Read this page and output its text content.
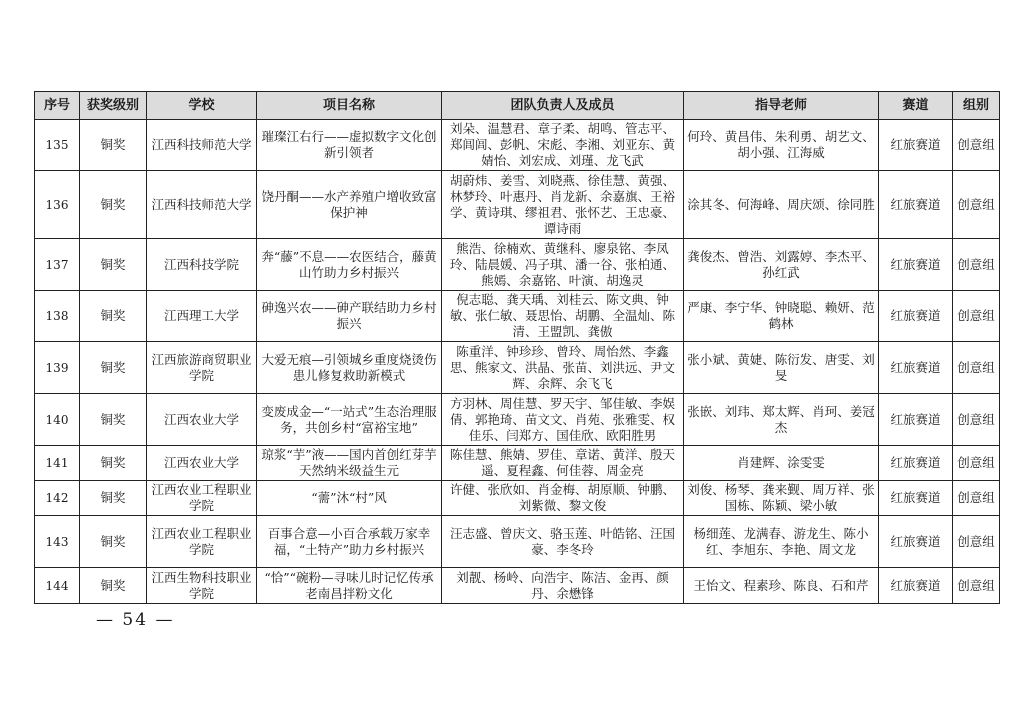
序号	获奖级别	学校	项目名称	团队负责人及成员	指导老师	赛道	组别
135	铜奖	江西科技师范大学	璀璨江右行——虚拟数字文化创新引领者	刘朵、温慧君、章子柔、胡鸣、管志平、郑闾闾、彭帆、宋彪、李湘、刘亚东、黄婧怡、刘宏成、刘瑾、龙飞武	何玲、黄昌伟、朱利勇、胡艺文、胡小强、江海威	红旅赛道	创意组
136	铜奖	江西科技师范大学	饶丹酮——水产养殖户增收致富保护神	胡蔚炜、姜雪、刘晓燕、徐佳慧、黄强、林梦玲、叶惠丹、肖龙新、余嘉旗、王裕学、黄诗琪、缪祖君、张怀艺、王忠豪、谭诗雨	涂其冬、何海峰、周庆颂、徐同胜	红旅赛道	创意组
137	铜奖	江西科技学院	奔“藤”不息——农医结合，藤黄山竹助力乡村振兴	熊浩、徐楠欢、黄继科、廖泉铭、李凤玲、陆晨媛、冯子琪、潘一谷、张柏通、熊嫣、余嘉铭、叶演、胡逸灵	龚俊杰、曾浩、刘露婷、李杰平、孙红武	红旅赛道	创意组
138	铜奖	江西理工大学	砷逸兴农——砷产联结助力乡村振兴	倪志聪、龚天瑀、刘桂云、陈文典、钟敏、张仁敏、聂思怡、胡鹏、全温灿、陈清、王盟凯、龚傲	严康、李宁华、钟晓聪、赖妍、范鹤林	红旅赛道	创意组
139	铜奖	江西旅游商贸职业学院	大爱无痕—引领城乡重度烧烫伤患儿修复救助新模式	陈重洋、钟珍珍、曾玲、周怡然、李鑫思、熊家文、洪晶、张苗、刘洪远、尹文辉、余辉、余飞飞	张小斌、黄婕、陈衍发、唐雯、刘旻	红旅赛道	创意组
140	铜奖	江西农业大学	变废成金—“一站式”生态治理服务，共创乡村“富裕宝地”	方羽林、周佳慧、罗天宇、邹佳敏、李娱倩、郭艳琦、苗文文、肖苑、张雅雯、权佳乐、闫郑方、国佳欣、欧阳胜男	张嵌、刘玮、郑太辉、肖珂、姜冠杰	红旅赛道	创意组
141	铜奖	江西农业大学	琼浆“芋”液——国内首创红芽芋天然纳米级益生元	陈佳慧、熊婧、罗佳、章诺、黄洋、殷天遥、夏程鑫、何佳蓉、周金亮	肖建辉、涂雯雯	红旅赛道	创意组
142	铜奖	江西农业工程职业学院	“薷”沐“村”风	许健、张欣如、肖金梅、胡原顺、钟鹏、刘紫微、黎文俊	刘俊、杨琴、龚来觐、周万祥、张国栋、陈颖、梁小敏	红旅赛道	创意组
143	铜奖	江西农业工程职业学院	百事合意—小百合承载万家幸福，“土特产”助力乡村振兴	汪志盛、曾庆文、骆玉莲、叶皓铭、汪国豪、李冬玲	杨细莲、龙满春、游龙生、陈小红、李旭东、李艳、周文龙	红旅赛道	创意组
144	铜奖	江西生物科技职业学院	“恰”“碗粉—寻味儿时记忆传承老南昌拌粉文化	刘靓、杨岭、向浩宇、陈洁、金再、颜丹、余懋锋	王怡文、程素珍、陈良、石和芹	红旅赛道	创意组
— 54 —
